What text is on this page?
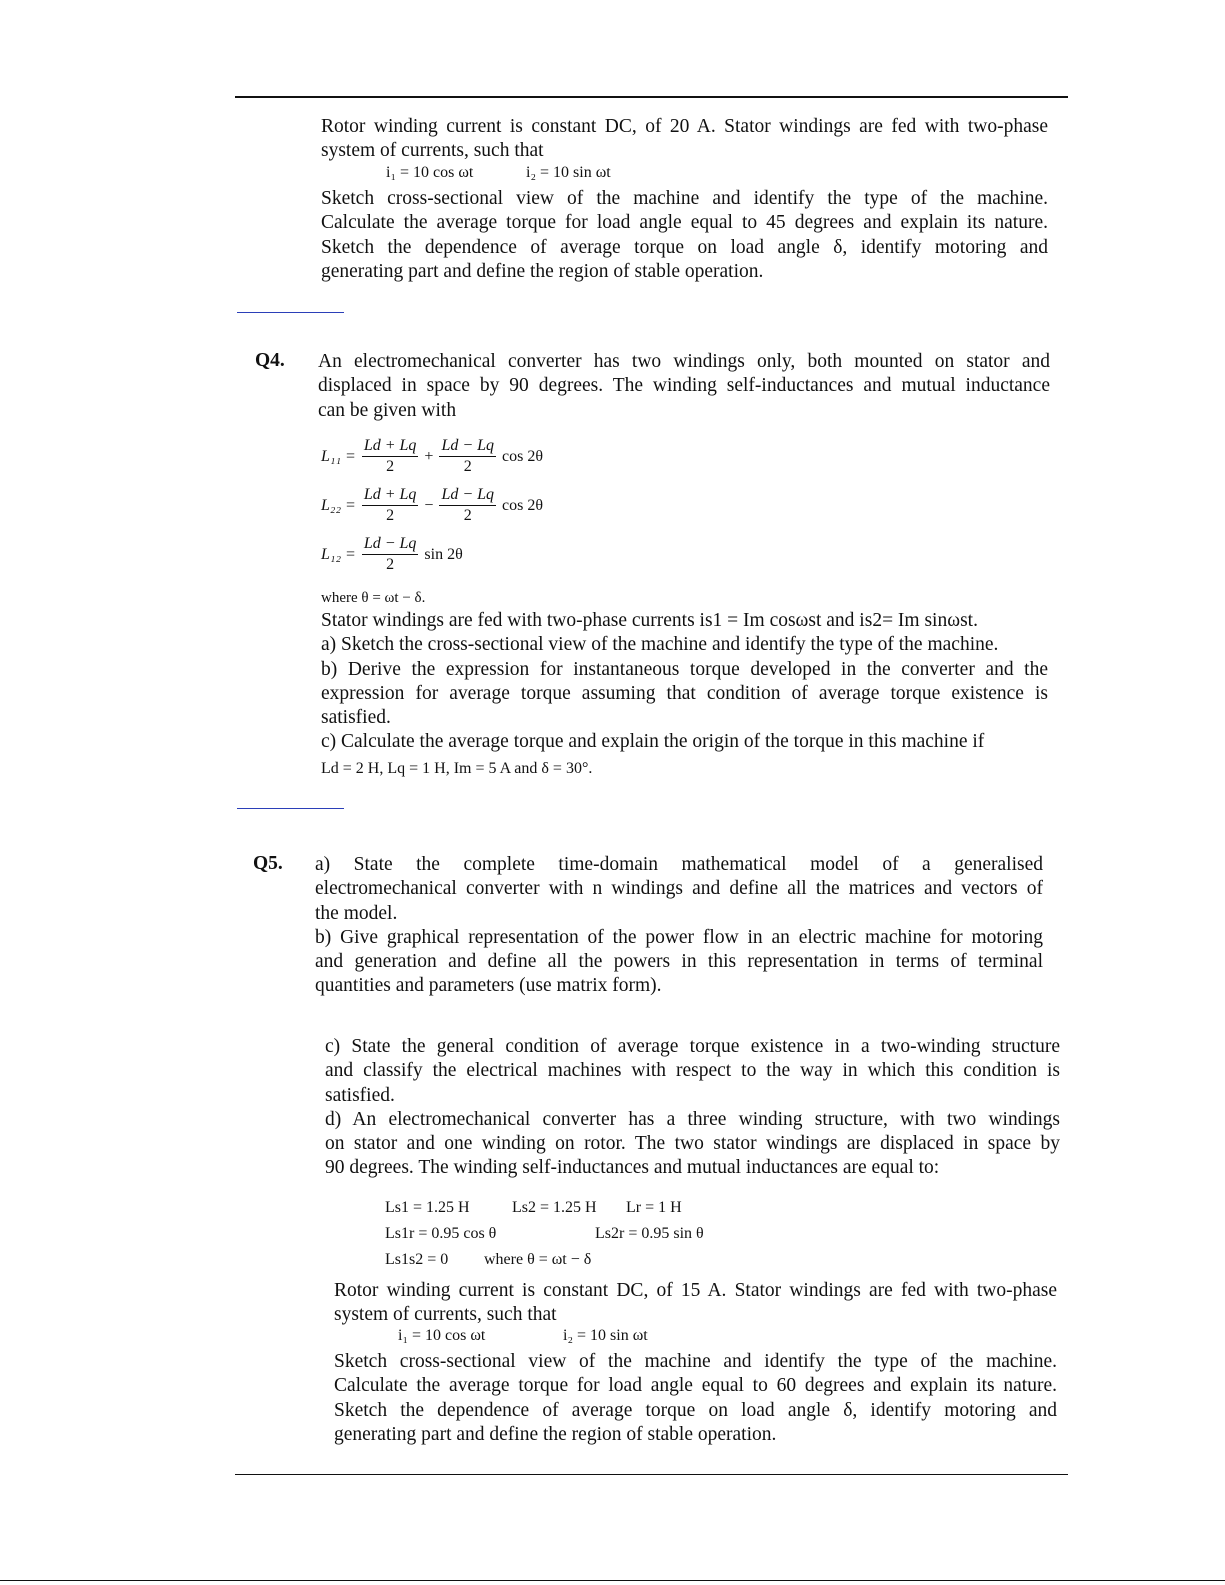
Rotor winding current is constant DC, of 20 A. Stator windings are fed with two-phase
system of currents, such that
i₁ = 10 cos ωt	i₂ = 10 sin ωt
Sketch cross-sectional view of the machine and identify the type of the machine.
Calculate the average torque for load angle equal to 45 degrees and explain its nature.
Sketch the dependence of average torque on load angle δ, identify motoring and
generating part and define the region of stable operation.
Q4. An electromechanical converter has two windings only, both mounted on stator and
displaced in space by 90 degrees. The winding self-inductances and mutual inductance
can be given with
$L_{11} = \frac{Ld + Lq}{2} + \frac{Ld - Lq}{2}$ cos 2θ
$L_{22} = \frac{Ld + Lq}{2} - \frac{Ld - Lq}{2}$ cos 2θ
$L_{12} = \frac{Ld - Lq}{2}$ sin 2θ
where θ = ωt − δ.
Stator windings are fed with two-phase currents is1 = Im cosωst and is2= Im sinωst.
a) Sketch the cross-sectional view of the machine and identify the type of the machine.
b) Derive the expression for instantaneous torque developed in the converter and the
expression for average torque assuming that condition of average torque existence is
satisfied.
c) Calculate the average torque and explain the origin of the torque in this machine if
Ld = 2 H, Lq = 1 H, Im = 5 A and δ = 30°.
Q5. a) State the complete time-domain mathematical model of a generalised
electromechanical converter with n windings and define all the matrices and vectors of
the model.
b) Give graphical representation of the power flow in an electric machine for motoring
and generation and define all the powers in this representation in terms of terminal
quantities and parameters (use matrix form).
c) State the general condition of average torque existence in a two-winding structure
and classify the electrical machines with respect to the way in which this condition is
satisfied.
d) An electromechanical converter has a three winding structure, with two windings
on stator and one winding on rotor. The two stator windings are displaced in space by
90 degrees. The winding self-inductances and mutual inductances are equal to:
Ls1 = 1.25 H	Ls2 = 1.25 H Lr = 1 H
Ls1r = 0.95 cos θ	Ls2r = 0.95 sin θ
Ls1s2 = 0 where θ = ωt − δ
Rotor winding current is constant DC, of 15 A. Stator windings are fed with two-phase
system of currents, such that
i₁ = 10 cos ωt	i₂ = 10 sin ωt
Sketch cross-sectional view of the machine and identify the type of the machine.
Calculate the average torque for load angle equal to 60 degrees and explain its nature.
Sketch the dependence of average torque on load angle δ, identify motoring and
generating part and define the region of stable operation.
